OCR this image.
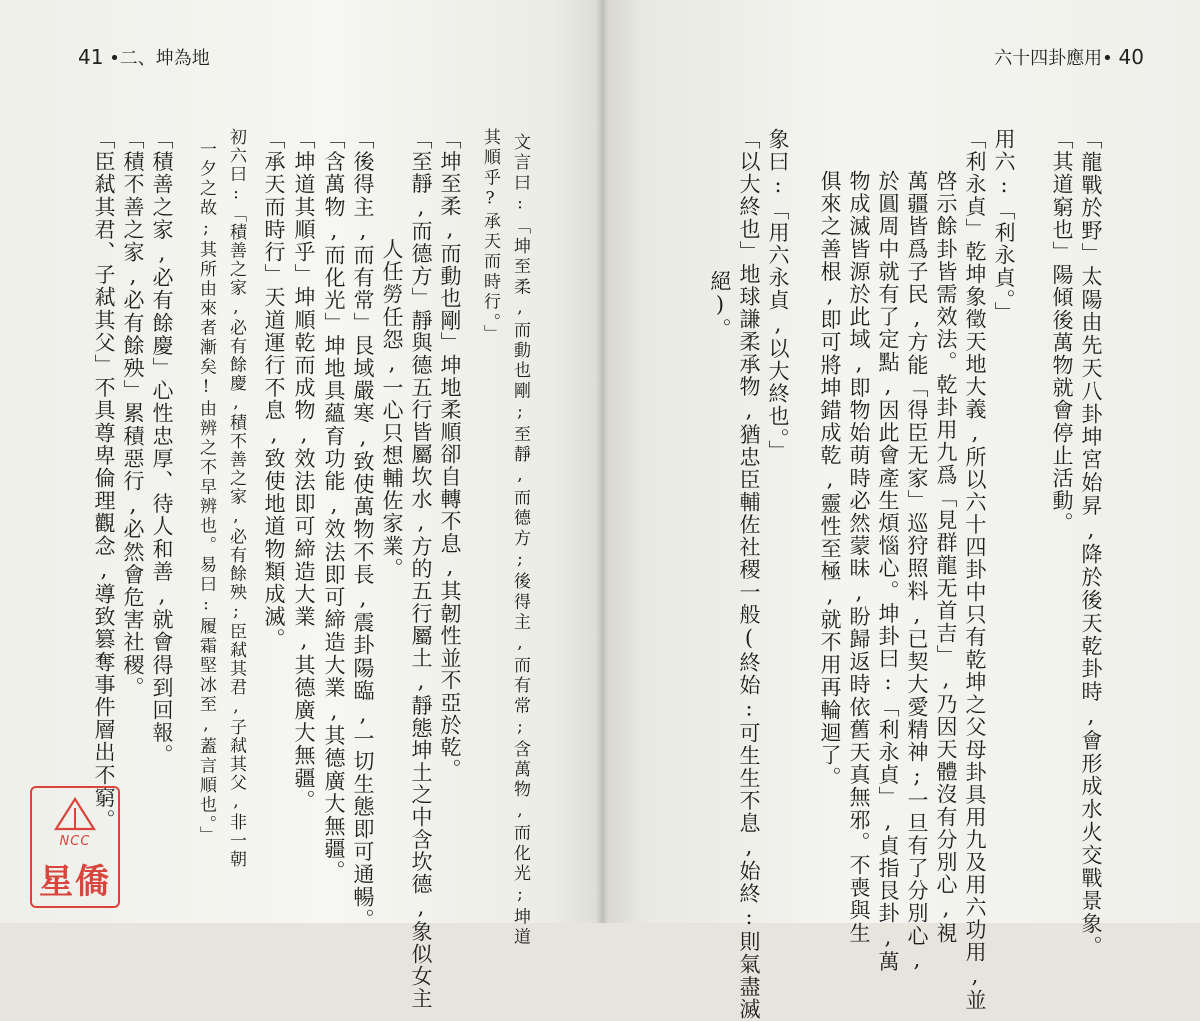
41 •二、坤為地
其順乎?承天而時行。」 文言曰:「坤至柔,而動也剛;至靜,而德方;後得主,而有常;含萬物,而化光;坤道
「坤至柔,而動也剛」坤地柔順卻自轉不息,其韌性並不亞於乾。
「至靜,而德方」靜與德五行皆屬坎水,方的五行屬土,靜態坤土之中含坎德,象似女主
人任勞任怨,一心只想輔佐家業。
「後得主,而有常」艮域嚴寒,致使萬物不長,震卦陽臨,一切生態即可通暢。
「含萬物,而化光」坤地具蘊育功能,效法即可締造大業,其德廣大無疆。
「坤道其順乎」坤順乾而成物,效法即可締造大業,其德廣大無疆。
「承天而時行」天道運行不息,致使地道物類成滅。
初六曰:「積善之家,必有餘慶,積不善之家,必有餘殃;臣弒其君,子弒其父,非一朝
一夕之故;其所由來者漸矣!由辨之不早辨也。易曰:履霜堅冰至,蓋言順也。」
「積善之家,必有餘慶」心性忠厚、待人和善,就會得到回報。
「積不善之家,必有餘殃」累積惡行,必然會危害社稷。
「臣弒其君、子弒其父」不具尊卑倫理觀念,導致篡奪事件層出不窮。
六十四卦應用• 40
「龍戰於野」太陽由先天八卦坤宮始昇,降於後天乾卦時,會形成水火交戰景象。
「其道窮也」陽傾後萬物就會停止活動。
用六:「利永貞。」
「利永貞」乾坤象徵天地大義,所以六十四卦中只有乾坤之父母卦具用九及用六功用,並
啓示餘卦皆需效法。乾卦用九爲「見群龍无首吉」,乃因天體沒有分別心,視
萬疆皆爲子民,方能「得臣无家」巡狩照料,已契大愛精神;一旦有了分別心,
於圓周中就有了定點,因此會產生煩惱心。坤卦曰:「利永貞」,貞指艮卦,萬
物成滅皆源於此域,即物始萌時必然蒙昧,盼歸返時依舊天真無邪。不喪與生
俱來之善根,即可將坤錯成乾,靈性至極,就不用再輪迴了。
象曰:「用六永貞,以大終也。」
「以大終也」地球謙柔承物,猶忠臣輔佐社稷一般(終始:可生生不息,始終:則氣盡滅
絕)。
NCC
星僑
